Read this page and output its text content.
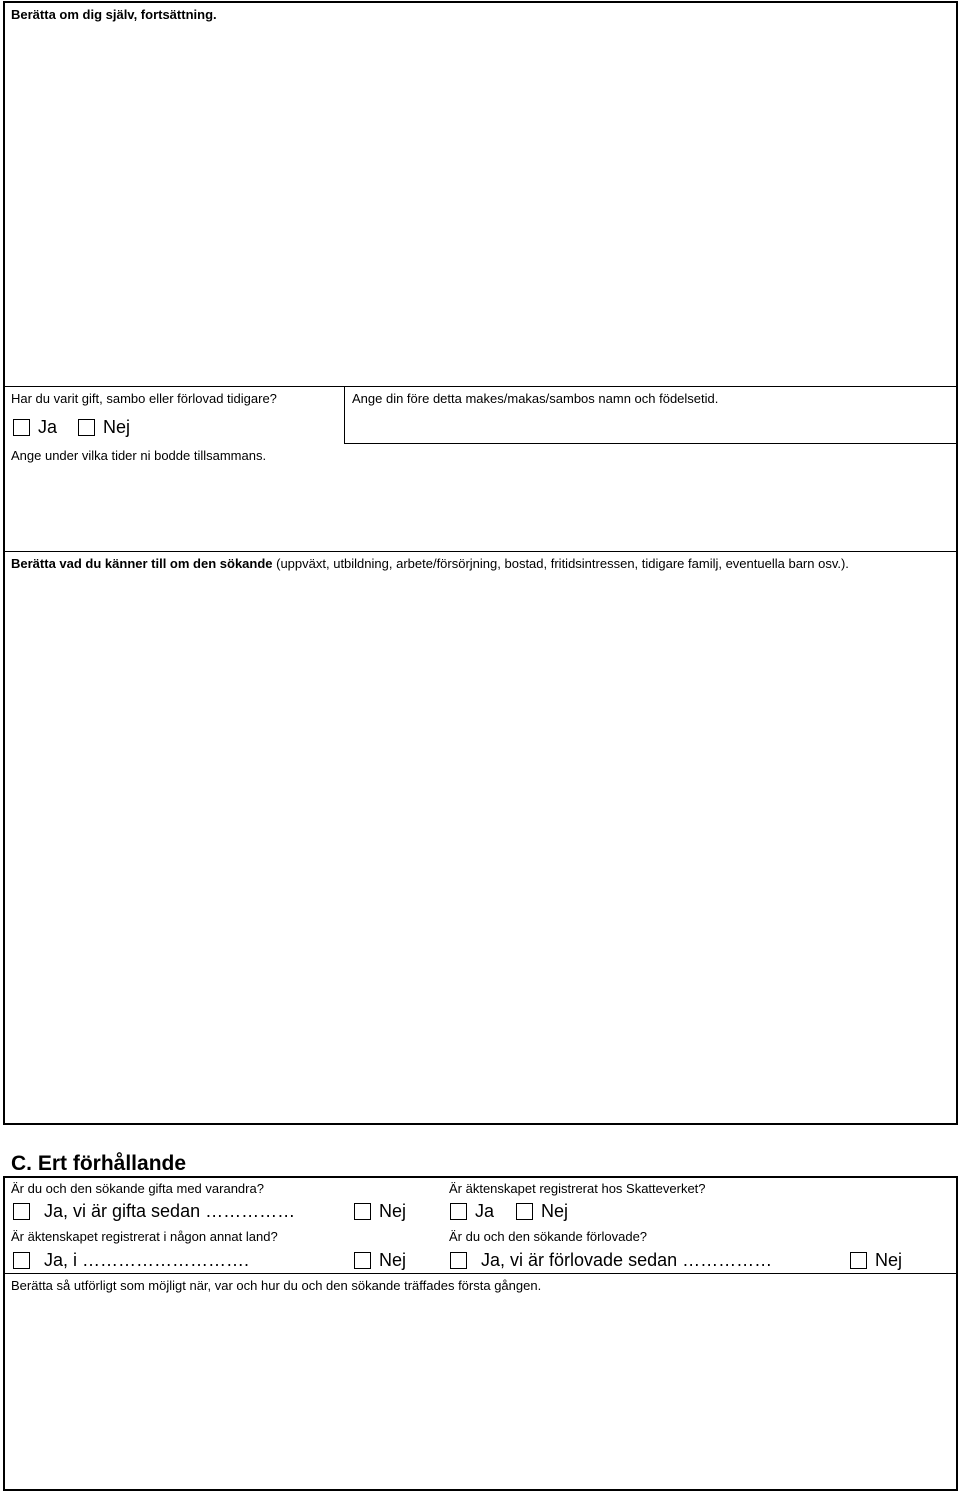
Berätta om dig själv, fortsättning.
Har du varit gift, sambo eller förlovad tidigare?
Ja
	Nej
Ange din före detta makes/makas/sambos namn och födelsetid.
Ange under vilka tider ni bodde tillsammans.
Berätta vad du känner till om den sökande (uppväxt, utbildning, arbete/försörjning, bostad, fritidsintressen, tidigare familj, eventuella barn osv.).
C. Ert förhållande
Är du och den sökande gifta med varandra?
Ja, vi är gifta sedan ……………	Nej
Är äktenskapet registrerat hos Skatteverket?
Ja	Nej
Är äktenskapet registrerat i någon annat land?
Ja, i ……………………….	Nej
Är du och den sökande förlovade?
Ja, vi är förlovade sedan ……………	Nej
Berätta så utförligt som möjligt när, var och hur du och den sökande träffades första gången.
